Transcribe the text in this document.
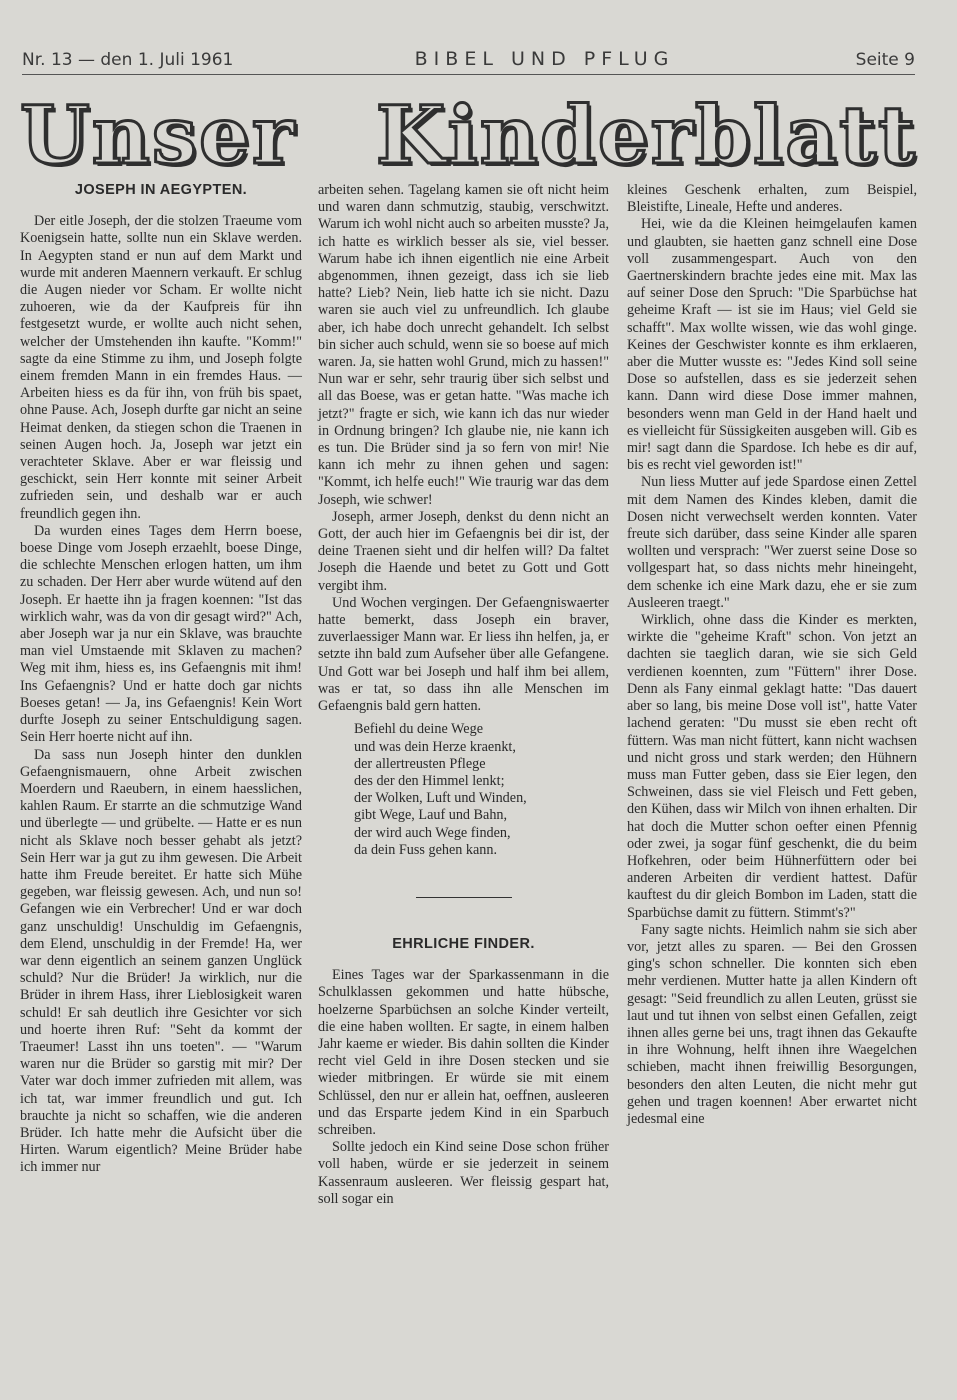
Nr. 13 — den 1. Juli 1961	BIBEL UND PFLUG	Seite 9
Unser Kinderblatt
JOSEPH IN AEGYPTEN.

Der eitle Joseph, der die stolzen Traeume vom Koenigsein hatte, sollte nun ein Sklave werden. In Aegypten stand er nun auf dem Markt und wurde mit anderen Maennern verkauft. Er schlug die Augen nieder vor Scham. Er wollte nicht zuhoeren, wie da der Kaufpreis für ihn festgesetzt wurde, er wollte auch nicht sehen, welcher der Umstehenden ihn kaufte. "Komm!" sagte da eine Stimme zu ihm, und Joseph folgte einem fremden Mann in ein fremdes Haus. — Arbeiten hiess es da für ihn, von früh bis spaet, ohne Pause. Ach, Joseph durfte gar nicht an seine Heimat denken, da stiegen schon die Traenen in seinen Augen hoch. Ja, Joseph war jetzt ein verachteter Sklave. Aber er war fleissig und geschickt, sein Herr konnte mit seiner Arbeit zufrieden sein, und deshalb war er auch freundlich gegen ihn.

Da wurden eines Tages dem Herrn boese, boese Dinge vom Joseph erzaehlt, boese Dinge, die schlechte Menschen erlogen hatten, um ihm zu schaden. Der Herr aber wurde wütend auf den Joseph. Er haette ihn ja fragen koennen: "Ist das wirklich wahr, was da von dir gesagt wird?" Ach, aber Joseph war ja nur ein Sklave, was brauchte man viel Umstaende mit Sklaven zu machen? Weg mit ihm, hiess es, ins Gefaengnis mit ihm! Ins Gefaengnis? Und er hatte doch gar nichts Boeses getan! — Ja, ins Gefaengnis! Kein Wort durfte Joseph zu seiner Entschuldigung sagen. Sein Herr hoerte nicht auf ihn.

Da sass nun Joseph hinter den dunklen Gefaengnismauern, ohne Arbeit zwischen Moerdern und Raeubern, in einem haesslichen, kahlen Raum. Er starrte an die schmutzige Wand und überlegte — und grübelte. — Hatte er es nun nicht als Sklave noch besser gehabt als jetzt? Sein Herr war ja gut zu ihm gewesen. Die Arbeit hatte ihm Freude bereitet. Er hatte sich Mühe gegeben, war fleissig gewesen. Ach, und nun so! Gefangen wie ein Verbrecher! Und er war doch ganz unschuldig! Unschuldig im Gefaengnis, dem Elend, unschuldig in der Fremde! Ha, wer war denn eigentlich an seinem ganzen Unglück schuld? Nur die Brüder! Ja wirklich, nur die Brüder in ihrem Hass, ihrer Lieblosigkeit waren schuld! Er sah deutlich ihre Gesichter vor sich und hoerte ihren Ruf: "Seht da kommt der Traeumer! Lasst ihn uns toeten". — "Warum waren nur die Brüder so garstig mit mir? Der Vater war doch immer zufrieden mit allem, was ich tat, war immer freundlich und gut. Ich brauchte ja nicht so schaffen, wie die anderen Brüder. Ich hatte mehr die Aufsicht über die Hirten. Warum eigentlich? Meine Brüder habe ich immer nur

arbeiten sehen. Tagelang kamen sie oft nicht heim und waren dann schmutzig, staubig, verschwitzt. Warum ich wohl nicht auch so arbeiten musste? Ja, ich hatte es wirklich besser als sie, viel besser. Warum habe ich ihnen eigentlich nie eine Arbeit abgenommen, ihnen gezeigt, dass ich sie lieb hatte? Lieb? Nein, lieb hatte ich sie nicht. Dazu waren sie auch viel zu unfreundlich. Ich glaube aber, ich habe doch unrecht gehandelt. Ich selbst bin sicher auch schuld, wenn sie so boese auf mich waren. Ja, sie hatten wohl Grund, mich zu hassen!" Nun war er sehr, sehr traurig über sich selbst und all das Boese, was er getan hatte. "Was mache ich jetzt?" fragte er sich, wie kann ich das nur wieder in Ordnung bringen? Ich glaube nie, nie kann ich es tun. Die Brüder sind ja so fern von mir! Nie kann ich mehr zu ihnen gehen und sagen: "Kommt, ich helfe euch!" Wie traurig war das dem Joseph, wie schwer!

Joseph, armer Joseph, denkst du denn nicht an Gott, der auch hier im Gefaengnis bei dir ist, der deine Traenen sieht und dir helfen will? Da faltet Joseph die Haende und betet zu Gott und Gott vergibt ihm.

Und Wochen vergingen. Der Gefaengniswaerter hatte bemerkt, dass Joseph ein braver, zuverlaessiger Mann war. Er liess ihn helfen, ja, er setzte ihn bald zum Aufseher über alle Gefangene. Und Gott war bei Joseph und half ihm bei allem, was er tat, so dass ihn alle Menschen im Gefaengnis bald gern hatten.

Befiehl du deine Wege
und was dein Herze kraenkt,
der allertreusten Pflege
des der den Himmel lenkt;
der Wolken, Luft und Winden,
gibt Wege, Lauf und Bahn,
der wird auch Wege finden,
da dein Fuss gehen kann.
EHRLICHE FINDER.

Eines Tages war der Sparkassenmann in die Schulklassen gekommen und hatte hübsche, hoelzerne Sparbüchsen an solche Kinder verteilt, die eine haben wollten. Er sagte, in einem halben Jahr kaeme er wieder. Bis dahin sollten die Kinder recht viel Geld in ihre Dosen stecken und sie wieder mitbringen. Er würde sie mit einem Schlüssel, den nur er allein hat, oeffnen, ausleeren und das Ersparte jedem Kind in ein Sparbuch schreiben.

Sollte jedoch ein Kind seine Dose schon früher voll haben, würde er sie jederzeit in seinem Kassenraum ausleeren. Wer fleissig gespart hat, soll sogar ein

kleines Geschenk erhalten, zum Beispiel, Bleistifte, Lineale, Hefte und anderes.

Hei, wie da die Kleinen heimgelaufen kamen und glaubten, sie haetten ganz schnell eine Dose voll zusammengespart. Auch von den Gaertnerskindern brachte jedes eine mit. Max las auf seiner Dose den Spruch: "Die Sparbüchse hat geheime Kraft — ist sie im Haus; viel Geld sie schafft". Max wollte wissen, wie das wohl ginge. Keines der Geschwister konnte es ihm erklaeren, aber die Mutter wusste es: "Jedes Kind soll seine Dose so aufstellen, dass es sie jederzeit sehen kann. Dann wird diese Dose immer mahnen, besonders wenn man Geld in der Hand haelt und es vielleicht für Süssigkeiten ausgeben will. Gib es mir! sagt dann die Spardose. Ich hebe es dir auf, bis es recht viel geworden ist!"

Nun liess Mutter auf jede Spardose einen Zettel mit dem Namen des Kindes kleben, damit die Dosen nicht verwechselt werden konnten. Vater freute sich darüber, dass seine Kinder alle sparen wollten und versprach: "Wer zuerst seine Dose so vollgespart hat, so dass nichts mehr hineingeht, dem schenke ich eine Mark dazu, ehe er sie zum Ausleeren traegt."

Wirklich, ohne dass die Kinder es merkten, wirkte die "geheime Kraft" schon. Von jetzt an dachten sie taeglich daran, wie sie sich Geld verdienen koennten, zum "Füttern" ihrer Dose. Denn als Fany einmal geklagt hatte: "Das dauert aber so lang, bis meine Dose voll ist", hatte Vater lachend geraten: "Du musst sie eben recht oft füttern. Was man nicht füttert, kann nicht wachsen und nicht gross und stark werden; den Hühnern muss man Futter geben, dass sie Eier legen, den Schweinen, dass sie viel Fleisch und Fett geben, den Kühen, dass wir Milch von ihnen erhalten. Dir hat doch die Mutter schon oefter einen Pfennig oder zwei, ja sogar fünf geschenkt, die du beim Hofkehren, oder beim Hühnerfüttern oder bei anderen Arbeiten dir verdient hattest. Dafür kauftest du dir gleich Bombon im Laden, statt die Sparbüchse damit zu füttern. Stimmt's?"

Fany sagte nichts. Heimlich nahm sie sich aber vor, jetzt alles zu sparen. — Bei den Grossen ging's schon schneller. Die konnten sich eben mehr verdienen. Mutter hatte ja allen Kindern oft gesagt: "Seid freundlich zu allen Leuten, grüsst sie laut und tut ihnen von selbst einen Gefallen, zeigt ihnen alles gerne bei uns, tragt ihnen das Gekaufte in ihre Wohnung, helft ihnen ihre Waegelchen schieben, macht ihnen freiwillig Besorgungen, besonders den alten Leuten, die nicht mehr gut gehen und tragen koennen! Aber erwartet nicht jedesmal eine
